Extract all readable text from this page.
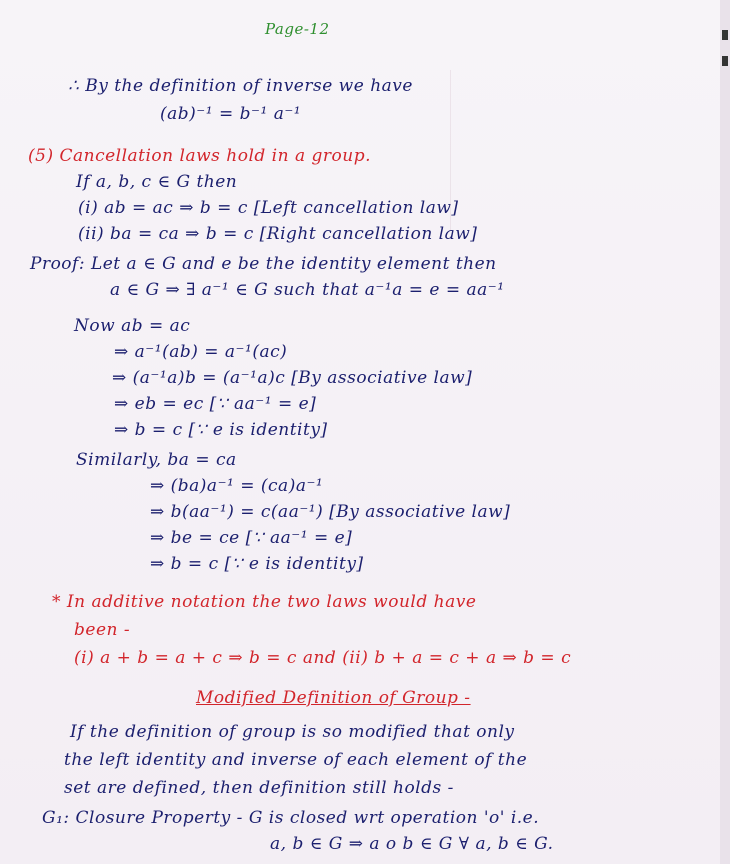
Page-12
∴ By the definition of inverse we have
(ab)⁻¹ = b⁻¹ a⁻¹
(5) Cancellation laws hold in a group.
If a, b, c ∈ G then
(i) ab = ac ⇒ b = c [Left cancellation law]
(ii) ba = ca ⇒ b = c [Right cancellation law]
Proof: Let a ∈ G and e be the identity element then
a ∈ G ⇒ ∃ a⁻¹ ∈ G such that a⁻¹a = e = aa⁻¹
Now ab = ac
⇒ a⁻¹(ab) = a⁻¹(ac)
⇒ (a⁻¹a)b = (a⁻¹a)c [By associative law]
⇒ eb = ec [∵ aa⁻¹ = e]
⇒ b = c [∵ e is identity]
Similarly, ba = ca
⇒ (ba)a⁻¹ = (ca)a⁻¹
⇒ b(aa⁻¹) = c(aa⁻¹) [By associative law]
⇒ be = ce [∵ aa⁻¹ = e]
⇒ b = c [∵ e is identity]
* In additive notation the two laws would have
been -
(i) a + b = a + c ⇒ b = c and (ii) b + a = c + a ⇒ b = c
Modified Definition of Group -
If the definition of group is so modified that only
the left identity and inverse of each element of the
set are defined, then definition still holds -
G₁: Closure Property - G is closed wrt operation 'o' i.e.
a, b ∈ G ⇒ a o b ∈ G ∀ a, b ∈ G.
